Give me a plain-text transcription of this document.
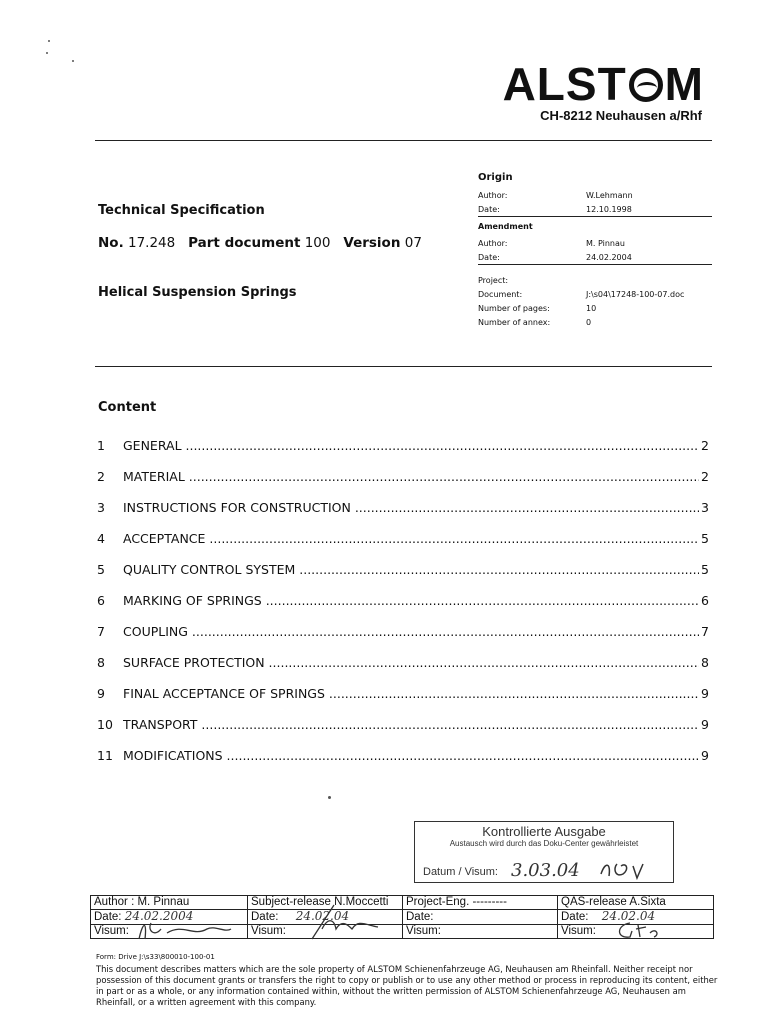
ALST M
CH-8212 Neuhausen a/Rhf
Technical Specification
No. 17.248 Part document 100 Version 07
Helical Suspension Springs
Origin
Author:	W.Lehmann
Date:	12.10.1998
Amendment
Author:	M. Pinnau
Date:	24.02.2004
Project:
Document:	J:\s04\17248-100-07.doc
Number of pages:	10
Number of annex:	0
Content
1	GENERAL .....	2
2	MATERIAL .....	2
3	INSTRUCTIONS FOR CONSTRUCTION .....	3
4	ACCEPTANCE .....	5
5	QUALITY CONTROL SYSTEM .....	5
6	MARKING OF SPRINGS .....	6
7	COUPLING .....	7
8	SURFACE PROTECTION .....	8
9	FINAL ACCEPTANCE OF SPRINGS .....	9
10 TRANSPORT .....	9
11 MODIFICATIONS .....	9
Kontrollierte Ausgabe
Austausch wird durch das Doku-Center gewährleistet
Datum / Visum: 3.03.04
Author : M. Pinnau	Subject-release N.Moccetti	Project-Eng. ---------	QAS-release A.Sixta
Date: 24.02.2004	Date: 24.02.04	Date:	Date: 24.02.04
Visum:	Visum:	Visum:	Visum:
Form: Drive J:\s33\800010-100-01
This document describes matters which are the sole property of ALSTOM Schienenfahrzeuge AG, Neuhausen am Rheinfall. Neither receipt nor possession of this document grants or transfers the right to copy or publish or to use any other method or process in reproducing its content, either in part or as a whole, or any information contained within, without the written permission of ALSTOM Schienenfahrzeuge AG, Neuhausen am Rheinfall, or a written agreement with this company.
